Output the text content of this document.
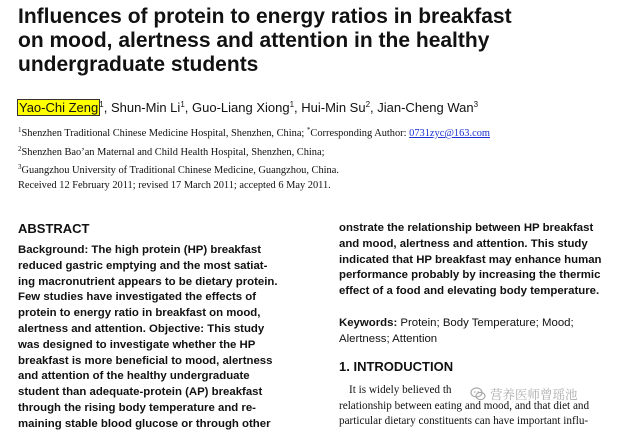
Influences of protein to energy ratios in breakfast
on mood, alertness and attention in the healthy
undergraduate students
Yao-Chi Zeng$^1$, Shun-Min Li$^1$, Guo-Liang Xiong$^1$, Hui-Min Su$^2$, Jian-Cheng Wan$^3$
$^1$Shenzhen Traditional Chinese Medicine Hospital, Shenzhen, China; *Corresponding Author: 0731zyc@163.com
$^2$Shenzhen Bao’an Maternal and Child Health Hospital, Shenzhen, China;
$^3$Guangzhou University of Traditional Chinese Medicine, Guangzhou, China.
Received 12 February 2011; revised 17 March 2011; accepted 6 May 2011.
ABSTRACT
Background: The high protein (HP) breakfast
reduced gastric emptying and the most satiat-
ing macronutrient appears to be dietary protein.
Few studies have investigated the effects of
protein to energy ratio in breakfast on mood,
alertness and attention. Objective: This study
was designed to investigate whether the HP
breakfast is more beneficial to mood, alertness
and attention of the healthy undergraduate
student than adequate-protein (AP) breakfast
through the rising body temperature and re-
maining stable blood glucose or through other
onstrate the relationship between HP breakfast
and mood, alertness and attention. This study
indicated that HP breakfast may enhance human
performance probably by increasing the thermic
effect of a food and elevating body temperature.
Keywords: Protein; Body Temperature; Mood;
Alertness; Attention
1. INTRODUCTION
It is widely believed th
relationship between eating and mood, and that diet and
particular dietary constituents can have important influ-
营养医师曾瑶池
